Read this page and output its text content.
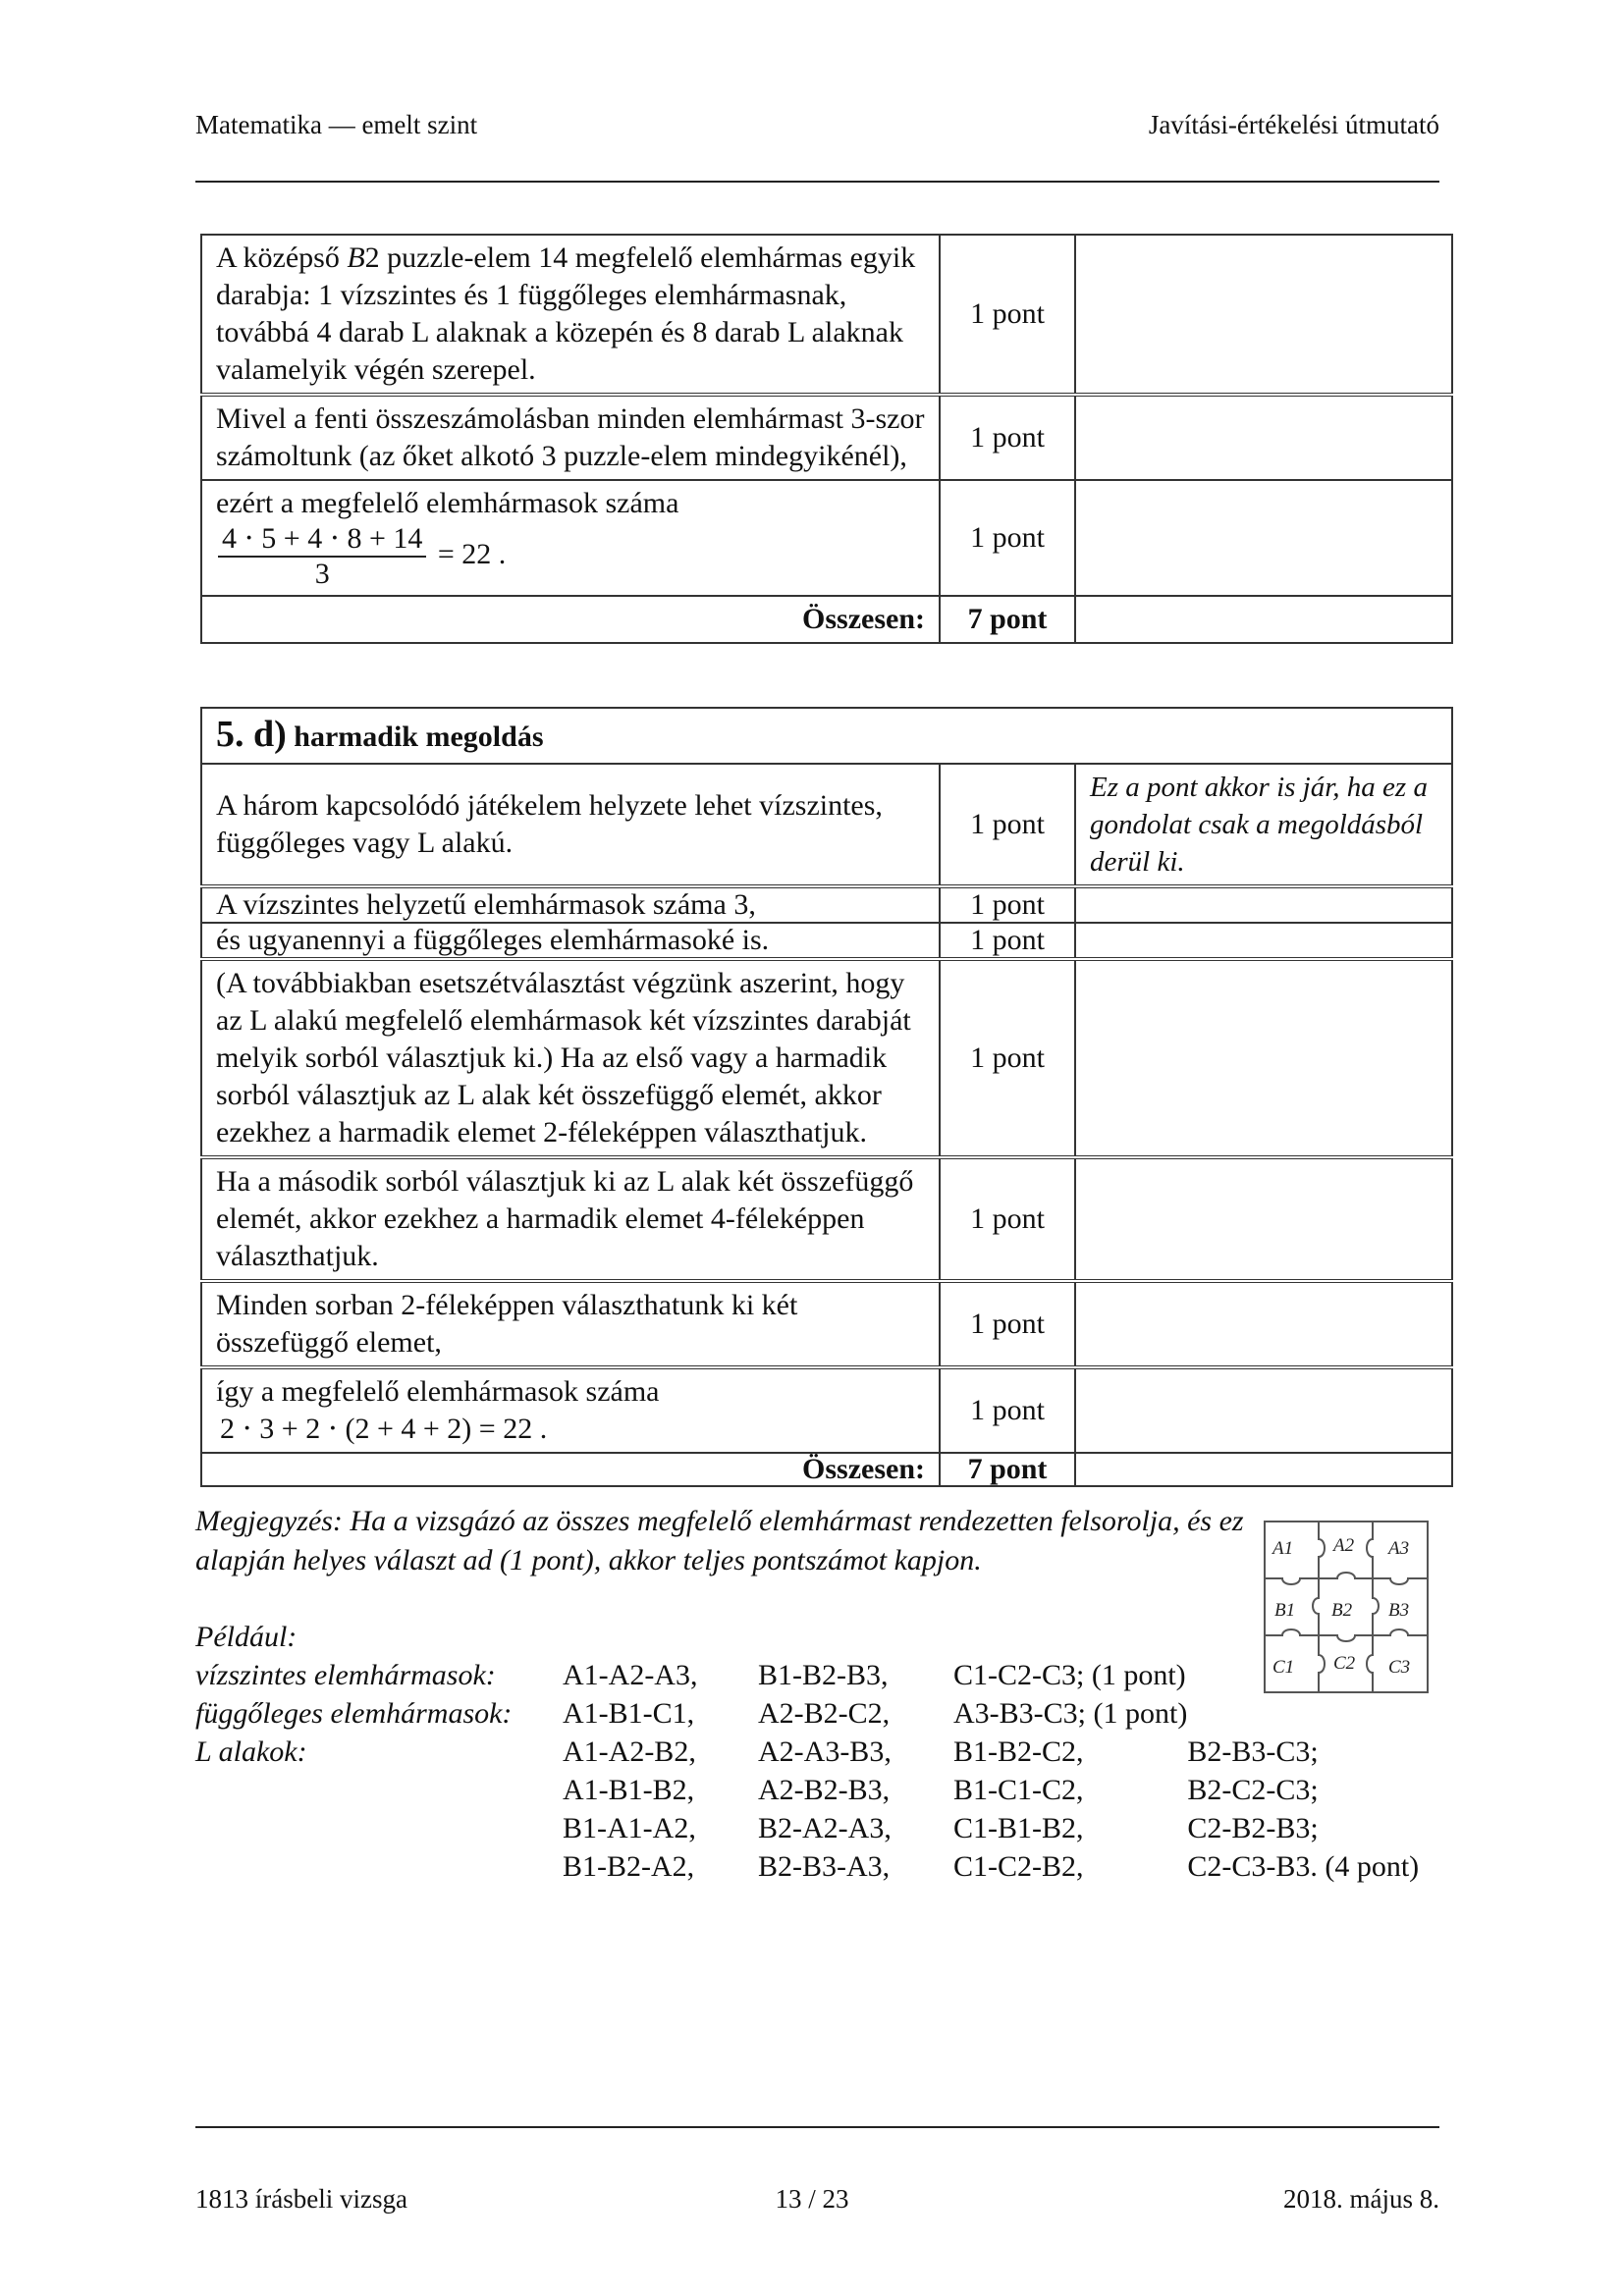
Matematika — emelt szint	Javítási-értékelési útmutató
A középső B2 puzzle-elem 14 megfelelő elemhármas egyik darabja: 1 vízszintes és 1 függőleges elemhármasnak, továbbá 4 darab L alaknak a közepén és 8 darab L alaknak valamelyik végén szerepel.	1 pont	
Mivel a fenti összeszámolásban minden elemhármast 3-szor számoltunk (az őket alkotó 3 puzzle-elem mindegyikénél),	1 pont	

ezért a megfelelő elemhármasok száma
$\frac{4 \cdot 5 + 4 \cdot 8 + 14}{3} = 22$ .	1 pont	
Összesen:	7 pont	
5. d) harmadik megoldás		
A három kapcsolódó játékelem helyzete lehet vízszintes, függőleges vagy L alakú.	1 pont	Ez a pont akkor is jár, ha ez a gondolat csak a megoldásból derül ki.
A vízszintes helyzetű elemhármasok száma 3,	1 pont	
és ugyanennyi a függőleges elemhármasoké is.	1 pont	
(A továbbiakban esetszétválasztást végzünk aszerint, hogy az L alakú megfelelő elemhármasok két vízszintes darabját melyik sorból választjuk ki.) Ha az első vagy a harmadik sorból választjuk az L alak két összefüggő elemét, akkor ezekhez a harmadik elemet 2-féleképpen választhatjuk.	1 pont	
Ha a második sorból választjuk ki az L alak két összefüggő elemét, akkor ezekhez a harmadik elemet 4-féleképpen választhatjuk.	1 pont	
Minden sorban 2-féleképpen választhatunk ki két összefüggő elemet,	1 pont	

így a megfelelő elemhármasok száma
2 ⋅ 3 + 2 ⋅ (2 + 4 + 2) = 22 .	1 pont	
Összesen:	7 pont	
Megjegyzés: Ha a vizsgázó az összes megfelelő elemhármast rendezetten felsorolja, és ez alapján helyes választ ad (1 pont), akkor teljes pontszámot kapjon.	A1 A2 A3
B1 B2 B3
C1 C2 C3
Például:
vízszintes elemhármasok:	A1-A2-A3,	B1-B2-B3,	C1-C2-C3; (1 pont)	
függőleges elemhármasok:	A1-B1-C1,	A2-B2-C2,	A3-B3-C3; (1 pont)	
L alakok:	A1-A2-B2,	A2-A3-B3,	B1-B2-C2,	B2-B3-C3;
	A1-B1-B2,	A2-B2-B3,	B1-C1-C2,	B2-C2-C3;
	B1-A1-A2,	B2-A2-A3,	C1-B1-B2,	C2-B2-B3;
	B1-B2-A2,	B2-B3-A3,	C1-C2-B2,	C2-C3-B3. (4 pont)
1813 írásbeli vizsga	13 / 23	2018. május 8.
